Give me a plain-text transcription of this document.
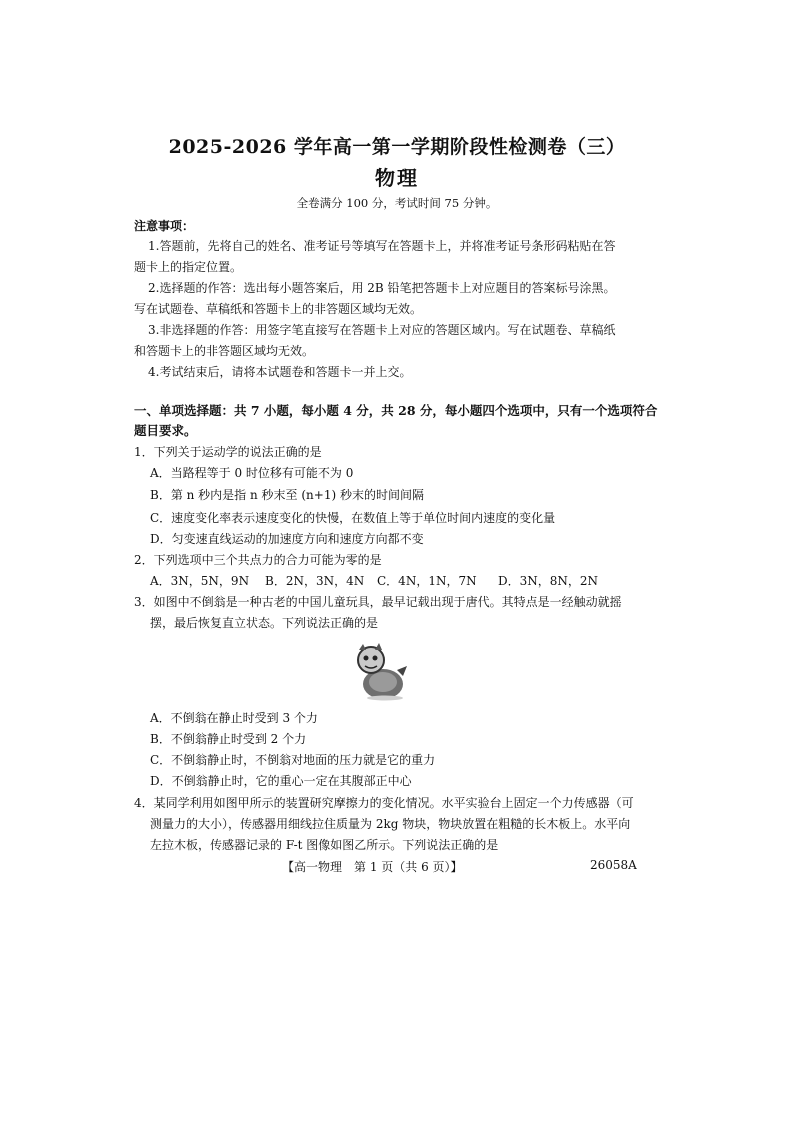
2025-2026 学年高一第一学期阶段性检测卷（三）
物理
全卷满分 100 分，考试时间 75 分钟。
注意事项：
1.答题前，先将自己的姓名、准考证号等填写在答题卡上，并将准考证号条形码粘贴在答
题卡上的指定位置。
2.选择题的作答：选出每小题答案后，用 2B 铅笔把答题卡上对应题目的答案标号涂黑。
写在试题卷、草稿纸和答题卡上的非答题区域均无效。
3.非选择题的作答：用签字笔直接写在答题卡上对应的答题区域内。写在试题卷、草稿纸
和答题卡上的非答题区域均无效。
4.考试结束后，请将本试题卷和答题卡一并上交。
一、单项选择题：共 7 小题，每小题 4 分，共 28 分，每小题四个选项中，只有一个选项符合
题目要求。
1．下列关于运动学的说法正确的是
A．当路程等于 0 时位移有可能不为 0
B．第 n 秒内是指 n 秒末至 (n+1) 秒末的时间间隔
C．速度变化率表示速度变化的快慢，在数值上等于单位时间内速度的变化量
D．匀变速直线运动的加速度方向和速度方向都不变
2．下列选项中三个共点力的合力可能为零的是
A．3N，5N，9N B．2N，3N，4N C．4N，1N，7N D．3N，8N，2N
3．如图中不倒翁是一种古老的中国儿童玩具，最早记载出现于唐代。其特点是一经触动就摇
摆，最后恢复直立状态。下列说法正确的是
A．不倒翁在静止时受到 3 个力
B．不倒翁静止时受到 2 个力
C．不倒翁静止时，不倒翁对地面的压力就是它的重力
D．不倒翁静止时，它的重心一定在其腹部正中心
4．某同学利用如图甲所示的装置研究摩擦力的变化情况。水平实验台上固定一个力传感器（可
测量力的大小），传感器用细线拉住质量为 2kg 物块，物块放置在粗糙的长木板上。水平向
左拉木板，传感器记录的 F-t 图像如图乙所示。下列说法正确的是
【高一物理　第 1 页（共 6 页）】	26058A
